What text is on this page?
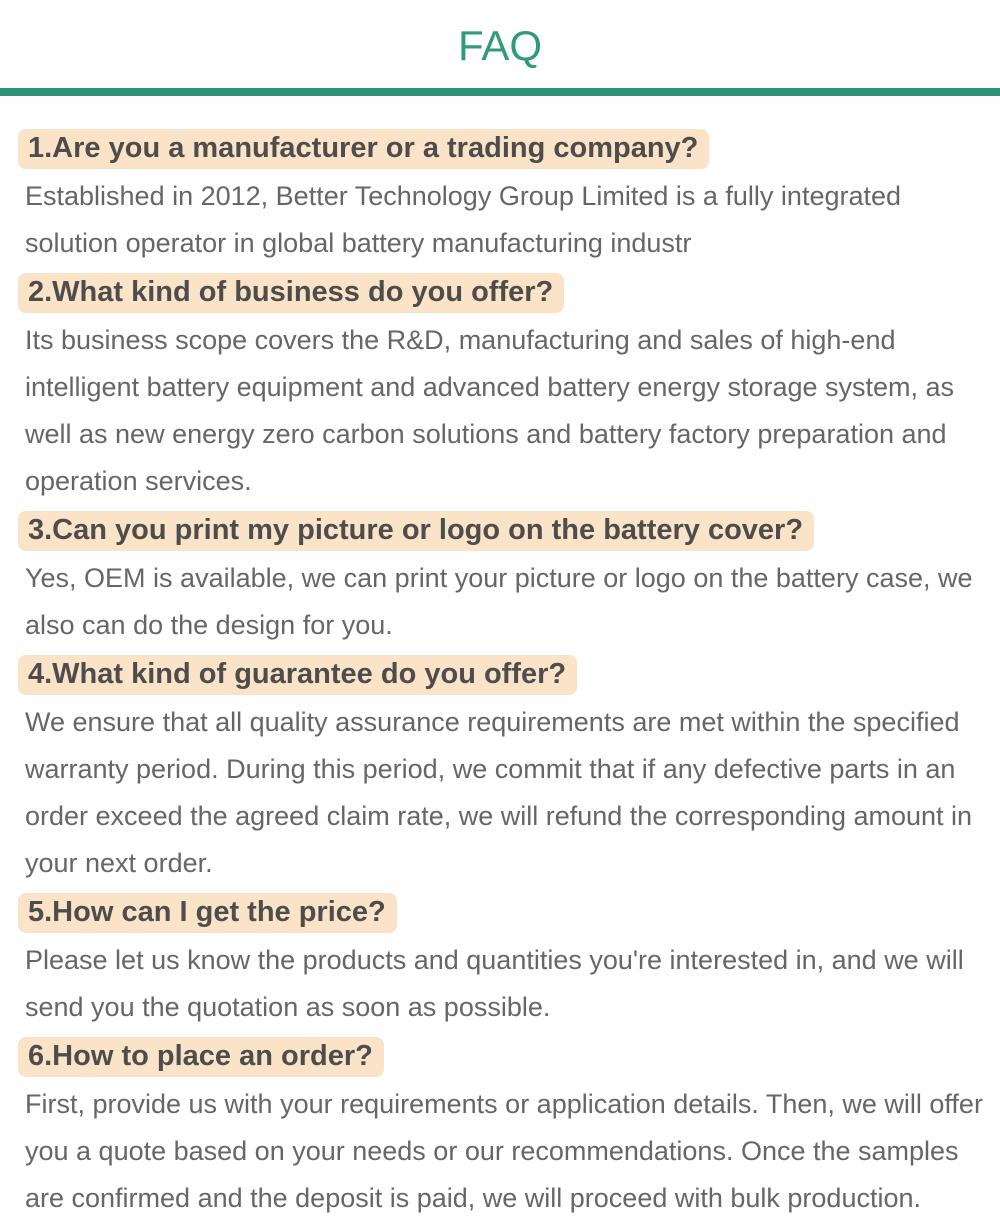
FAQ
1.Are you a manufacturer or a trading company?

Established in 2012, Better Technology Group Limited is a fully integrated solution operator in global battery manufacturing industr

2.What kind of business do you offer?

Its business scope covers the R&D, manufacturing and sales of high-end intelligent battery equipment and advanced battery energy storage system, as well as new energy zero carbon solutions and battery factory preparation and operation services.

3.Can you print my picture or logo on the battery cover?

Yes, OEM is available, we can print your picture or logo on the battery case, we also can do the design for you.

4.What kind of guarantee do you offer?

We ensure that all quality assurance requirements are met within the specified warranty period. During this period, we commit that if any defective parts in an order exceed the agreed claim rate, we will refund the corresponding amount in your next order.

5.How can I get the price?

Please let us know the products and quantities you're interested in, and we will send you the quotation as soon as possible.

6.How to place an order?

First, provide us with your requirements or application details. Then, we will offer you a quote based on your needs or our recommendations. Once the samples are confirmed and the deposit is paid, we will proceed with bulk production.
